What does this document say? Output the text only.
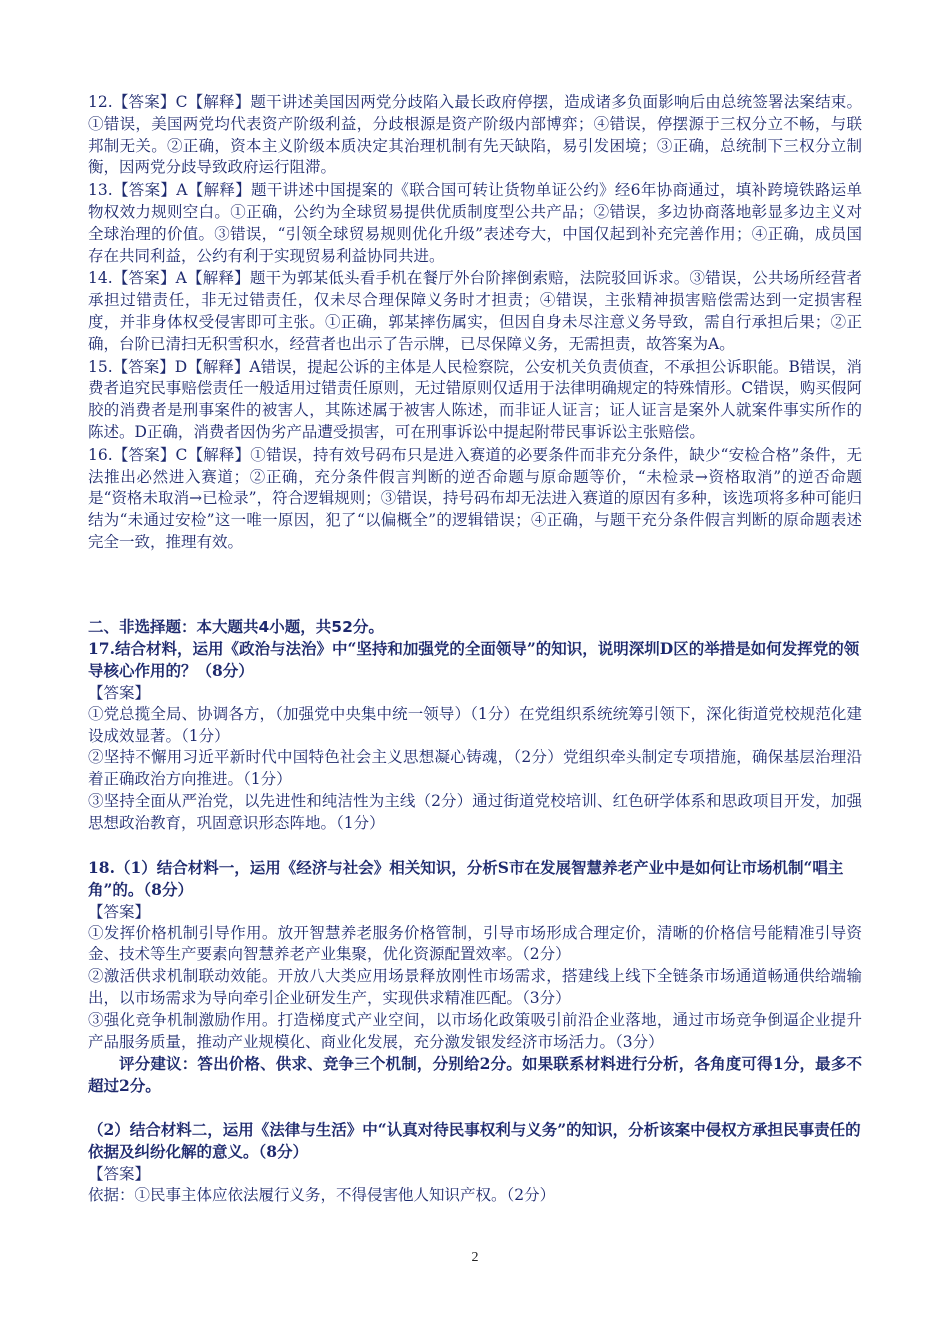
12.【答案】C【解释】题干讲述美国因两党分歧陷入最长政府停摆，造成诸多负面影响后由总统签署法案结束。①错误，美国两党均代表资产阶级利益，分歧根源是资产阶级内部博弈；④错误，停摆源于三权分立不畅，与联邦制无关。②正确，资本主义阶级本质决定其治理机制有先天缺陷，易引发困境；③正确，总统制下三权分立制衡，因两党分歧导致政府运行阻滞。

13.【答案】A【解释】题干讲述中国提案的《联合国可转让货物单证公约》经6年协商通过，填补跨境铁路运单物权效力规则空白。①正确，公约为全球贸易提供优质制度型公共产品；②错误，多边协商落地彰显多边主义对全球治理的价值。③错误，“引领全球贸易规则优化升级”表述夸大，中国仅起到补充完善作用；④正确，成员国存在共同利益，公约有利于实现贸易利益协同共进。

14.【答案】A【解释】题干为郭某低头看手机在餐厅外台阶摔倒索赔，法院驳回诉求。③错误，公共场所经营者承担过错责任，非无过错责任，仅未尽合理保障义务时才担责；④错误，主张精神损害赔偿需达到一定损害程度，并非身体权受侵害即可主张。①正确，郭某摔伤属实，但因自身未尽注意义务导致，需自行承担后果；②正确，台阶已清扫无积雪积水，经营者也出示了告示牌，已尽保障义务，无需担责，故答案为A。

15.【答案】D【解释】A错误，提起公诉的主体是人民检察院，公安机关负责侦查，不承担公诉职能。B错误，消费者追究民事赔偿责任一般适用过错责任原则，无过错原则仅适用于法律明确规定的特殊情形。C错误，购买假阿胶的消费者是刑事案件的被害人，其陈述属于被害人陈述，而非证人证言；证人证言是案外人就案件事实所作的陈述。D正确，消费者因伪劣产品遭受损害，可在刑事诉讼中提起附带民事诉讼主张赔偿。

16.【答案】C【解释】①错误，持有效号码布只是进入赛道的必要条件而非充分条件，缺少“安检合格”条件，无法推出必然进入赛道；②正确，充分条件假言判断的逆否命题与原命题等价，“未检录→资格取消”的逆否命题是“资格未取消→已检录”，符合逻辑规则；③错误，持号码布却无法进入赛道的原因有多种，该选项将多种可能归结为“未通过安检”这一唯一原因，犯了“以偏概全”的逻辑错误；④正确，与题干充分条件假言判断的原命题表述完全一致，推理有效。

二、非选择题：本大题共4小题，共52分。

17.结合材料，运用《政治与法治》中“坚持和加强党的全面领导”的知识，说明深圳D区的举措是如何发挥党的领导核心作用的？（8分）

【答案】

①党总揽全局、协调各方，（加强党中央集中统一领导）（1分）在党组织系统统筹引领下，深化街道党校规范化建设成效显著。（1分）

②坚持不懈用习近平新时代中国特色社会主义思想凝心铸魂，（2分）党组织牵头制定专项措施，确保基层治理沿着正确政治方向推进。（1分）

③坚持全面从严治党，以先进性和纯洁性为主线（2分）通过街道党校培训、红色研学体系和思政项目开发，加强思想政治教育，巩固意识形态阵地。（1分）

18.（1）结合材料一，运用《经济与社会》相关知识，分析S市在发展智慧养老产业中是如何让市场机制“唱主角”的。（8分）

【答案】

①发挥价格机制引导作用。放开智慧养老服务价格管制，引导市场形成合理定价，清晰的价格信号能精准引导资金、技术等生产要素向智慧养老产业集聚，优化资源配置效率。（2分）

②激活供求机制联动效能。开放八大类应用场景释放刚性市场需求，搭建线上线下全链条市场通道畅通供给端输出，以市场需求为导向牵引企业研发生产，实现供求精准匹配。（3分）

③强化竞争机制激励作用。打造梯度式产业空间，以市场化政策吸引前沿企业落地，通过市场竞争倒逼企业提升产品服务质量，推动产业规模化、商业化发展，充分激发银发经济市场活力。（3分）

评分建议：答出价格、供求、竞争三个机制，分别给2分。如果联系材料进行分析，各角度可得1分，最多不超过2分。

（2）结合材料二，运用《法律与生活》中“认真对待民事权利与义务”的知识，分析该案中侵权方承担民事责任的依据及纠纷化解的意义。（8分）

【答案】

依据：①民事主体应依法履行义务，不得侵害他人知识产权。（2分）

2
